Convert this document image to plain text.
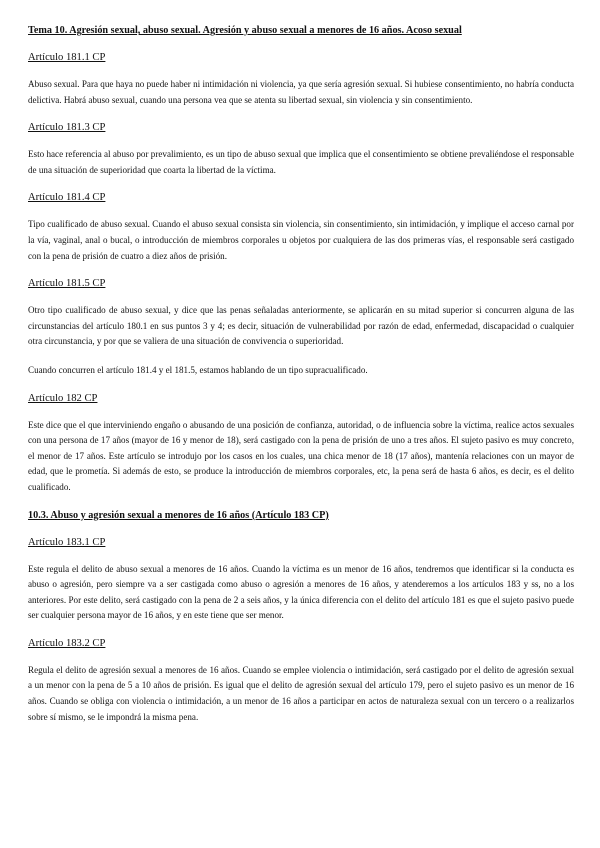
Tema 10. Agresión sexual, abuso sexual. Agresión y abuso sexual a menores de 16 años. Acoso sexual
Artículo 181.1 CP
Abuso sexual. Para que haya no puede haber ni intimidación ni violencia, ya que sería agresión sexual. Si hubiese consentimiento, no habría conducta delictiva. Habrá abuso sexual, cuando una persona vea que se atenta su libertad sexual, sin violencia y sin consentimiento.
Artículo 181.3 CP
Esto hace referencia al abuso por prevalimiento, es un tipo de abuso sexual que implica que el consentimiento se obtiene prevaliéndose el responsable de una situación de superioridad que coarta la libertad de la víctima.
Artículo 181.4 CP
Tipo cualificado de abuso sexual. Cuando el abuso sexual consista sin violencia, sin consentimiento, sin intimidación, y implique el acceso carnal por la vía, vaginal, anal o bucal, o introducción de miembros corporales u objetos por cualquiera de las dos primeras vías, el responsable será castigado con la pena de prisión de cuatro a diez años de prisión.
Artículo 181.5 CP
Otro tipo cualificado de abuso sexual, y dice que las penas señaladas anteriormente, se aplicarán en su mitad superior si concurren alguna de las circunstancias del artículo 180.1 en sus puntos 3 y 4; es decir, situación de vulnerabilidad por razón de edad, enfermedad, discapacidad o cualquier otra circunstancia, y por que se valiera de una situación de convivencia o superioridad.
Cuando concurren el artículo 181.4 y el 181.5, estamos hablando de un tipo supracualificado.
Artículo 182 CP
Este dice que el que interviniendo engaño o abusando de una posición de confianza, autoridad, o de influencia sobre la víctima, realice actos sexuales con una persona de 17 años (mayor de 16 y menor de 18), será castigado con la pena de prisión de uno a tres años. El sujeto pasivo es muy concreto, el menor de 17 años. Este artículo se introdujo por los casos en los cuales, una chica menor de 18 (17 años), mantenía relaciones con un mayor de edad, que le prometía. Si además de esto, se produce la introducción de miembros corporales, etc, la pena será de hasta 6 años, es decir, es el delito cualificado.
10.3. Abuso y agresión sexual a menores de 16 años (Artículo 183 CP)
Artículo 183.1 CP
Este regula el delito de abuso sexual a menores de 16 años. Cuando la víctima es un menor de 16 años, tendremos que identificar si la conducta es abuso o agresión, pero siempre va a ser castigada como abuso o agresión a menores de 16 años, y atenderemos a los artículos 183 y ss, no a los anteriores. Por este delito, será castigado con la pena de 2 a seis años, y la única diferencia con el delito del artículo 181 es que el sujeto pasivo puede ser cualquier persona mayor de 16 años, y en este tiene que ser menor.
Artículo 183.2 CP
Regula el delito de agresión sexual a menores de 16 años. Cuando se emplee violencia o intimidación, será castigado por el delito de agresión sexual a un menor con la pena de 5 a 10 años de prisión. Es igual que el delito de agresión sexual del artículo 179, pero el sujeto pasivo es un menor de 16 años. Cuando se obliga con violencia o intimidación, a un menor de 16 años a participar en actos de naturaleza sexual con un tercero o a realizarlos sobre sí mismo, se le impondrá la misma pena.
